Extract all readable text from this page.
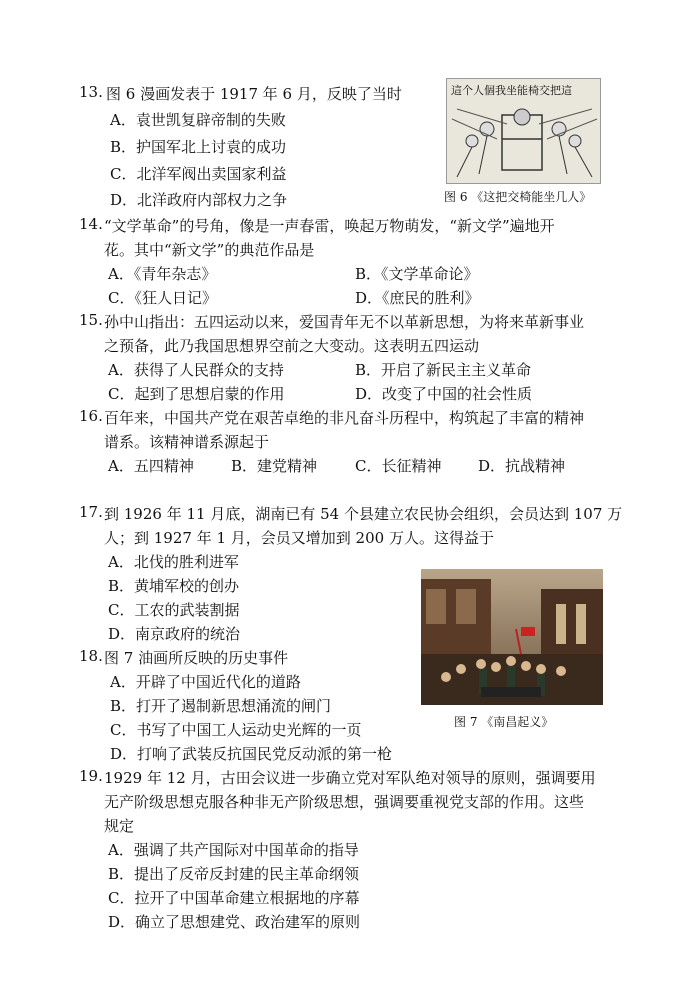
13. 图 6 漫画发表于 1917 年 6 月，反映了当时
A．袁世凯复辟帝制的失败
B．护国军北上讨袁的成功
C．北洋军阀出卖国家利益
D．北洋政府内部权力之争
這个人個我坐能椅交把這
图 6 《这把交椅能坐几人》
14. “文学革命”的号角，像是一声春雷，唤起万物萌发，“新文学”遍地开
花。其中“新文学”的典范作品是
A．《青年杂志》	B．《文学革命论》
C．《狂人日记》	D．《庶民的胜利》
15. 孙中山指出：五四运动以来，爱国青年无不以革新思想，为将来革新事业
之预备，此乃我国思想界空前之大变动。这表明五四运动
A．获得了人民群众的支持	B．开启了新民主主义革命
C．起到了思想启蒙的作用	D．改变了中国的社会性质
16. 百年来，中国共产党在艰苦卓绝的非凡奋斗历程中，构筑起了丰富的精神
谱系。该精神谱系源起于
A．五四精神 B．建党精神	C．长征精神 D．抗战精神
17. 到 1926 年 11 月底，湖南已有 54 个县建立农民协会组织，会员达到 107 万
人；到 1927 年 1 月，会员又增加到 200 万人。这得益于
A．北伐的胜利进军
B．黄埔军校的创办
C．工农的武装割据
D．南京政府的统治
图 7 《南昌起义》
18. 图 7 油画所反映的历史事件
A．开辟了中国近代化的道路
B．打开了遏制新思想涌流的闸门
C．书写了中国工人运动史光辉的一页
D．打响了武装反抗国民党反动派的第一枪
19. 1929 年 12 月，古田会议进一步确立党对军队绝对领导的原则，强调要用
无产阶级思想克服各种非无产阶级思想，强调要重视党支部的作用。这些
规定
A．强调了共产国际对中国革命的指导
B．提出了反帝反封建的民主革命纲领
C．拉开了中国革命建立根据地的序幕
D．确立了思想建党、政治建军的原则
